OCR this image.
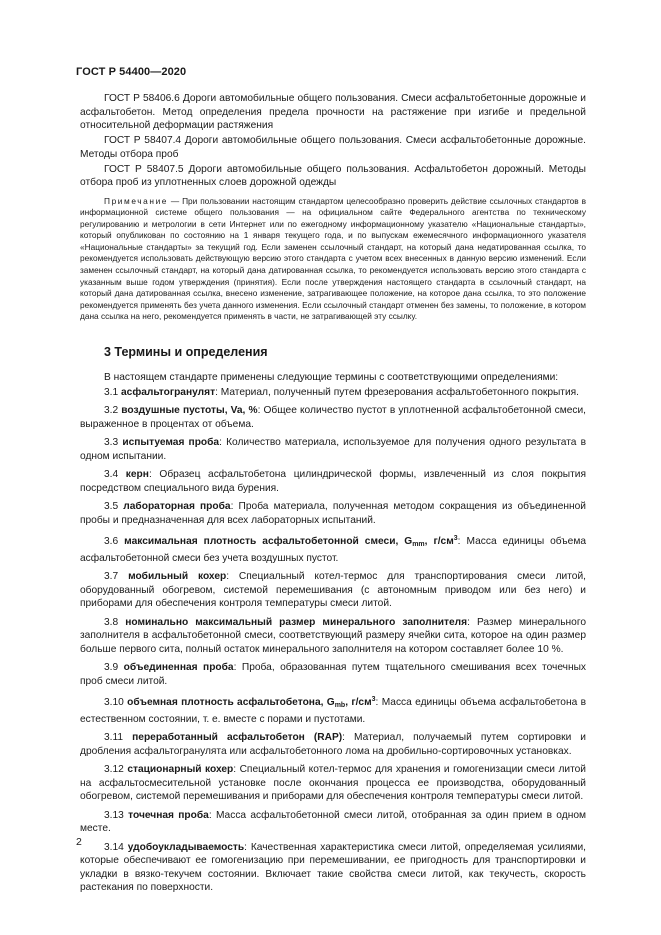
ГОСТ Р 54400—2020

ГОСТ Р 58406.6 Дороги автомобильные общего пользования. Смеси асфальтобетонные дорожные и асфальтобетон. Метод определения предела прочности на растяжение при изгибе и предельной относительной деформации растяжения

ГОСТ Р 58407.4 Дороги автомобильные общего пользования. Смеси асфальтобетонные дорожные. Методы отбора проб

ГОСТ Р 58407.5 Дороги автомобильные общего пользования. Асфальтобетон дорожный. Методы отбора проб из уплотненных слоев дорожной одежды

Примечание — При пользовании настоящим стандартом целесообразно проверить действие ссылочных стандартов в информационной системе общего пользования — на официальном сайте Федерального агентства по техническому регулированию и метрологии в сети Интернет или по ежегодному информационному указателю «Национальные стандарты», который опубликован по состоянию на 1 января текущего года, и по выпускам ежемесячного информационного указателя «Национальные стандарты» за текущий год. Если заменен ссылочный стандарт, на который дана недатированная ссылка, то рекомендуется использовать действующую версию этого стандарта с учетом всех внесенных в данную версию изменений. Если заменен ссылочный стандарт, на который дана датированная ссылка, то рекомендуется использовать версию этого стандарта с указанным выше годом утверждения (принятия). Если после утверждения настоящего стандарта в ссылочный стандарт, на который дана датированная ссылка, внесено изменение, затрагивающее положение, на которое дана ссылка, то это положение рекомендуется применять без учета данного изменения. Если ссылочный стандарт отменен без замены, то положение, в котором дана ссылка на него, рекомендуется применять в части, не затрагивающей эту ссылку.

3 Термины и определения

В настоящем стандарте применены следующие термины с соответствующими определениями:

3.1 асфальтогранулят: Материал, полученный путем фрезерования асфальтобетонного покрытия.

3.2 воздушные пустоты, Va, %: Общее количество пустот в уплотненной асфальтобетонной смеси, выраженное в процентах от объема.

3.3 испытуемая проба: Количество материала, используемое для получения одного результата в одном испытании.

3.4 керн: Образец асфальтобетона цилиндрической формы, извлеченный из слоя покрытия посредством специального вида бурения.

3.5 лабораторная проба: Проба материала, полученная методом сокращения из объединенной пробы и предназначенная для всех лабораторных испытаний.

3.6 максимальная плотность асфальтобетонной смеси, $G_{mm}$, $г/см^3$: Масса единицы объема асфальтобетонной смеси без учета воздушных пустот.

3.7 мобильный кохер: Специальный котел-термос для транспортирования смеси литой, оборудованный обогревом, системой перемешивания (с автономным приводом или без него) и приборами для обеспечения контроля температуры смеси литой.

3.8 номинально максимальный размер минерального заполнителя: Размер минерального заполнителя в асфальтобетонной смеси, соответствующий размеру ячейки сита, которое на один размер больше первого сита, полный остаток минерального заполнителя на котором составляет более 10 %.

3.9 объединенная проба: Проба, образованная путем тщательного смешивания всех точечных проб смеси литой.

3.10 объемная плотность асфальтобетона, $G_{mb}$, $г/см^3$: Масса единицы объема асфальтобетона в естественном состоянии, т. е. вместе с порами и пустотами.

3.11 переработанный асфальтобетон (RAP): Материал, получаемый путем сортировки и дробления асфальтогранулята или асфальтобетонного лома на дробильно-сортировочных установках.

3.12 стационарный кохер: Специальный котел-термос для хранения и гомогенизации смеси литой на асфальтосмесительной установке после окончания процесса ее производства, оборудованный обогревом, системой перемешивания и приборами для обеспечения контроля температуры смеси литой.

3.13 точечная проба: Масса асфальтобетонной смеси литой, отобранная за один прием в одном месте.

3.14 удобоукладываемость: Качественная характеристика смеси литой, определяемая усилиями, которые обеспечивают ее гомогенизацию при перемешивании, ее пригодность для транспортировки и укладки в вязко-текучем состоянии. Включает такие свойства смеси литой, как текучесть, скорость растекания по поверхности.

2
